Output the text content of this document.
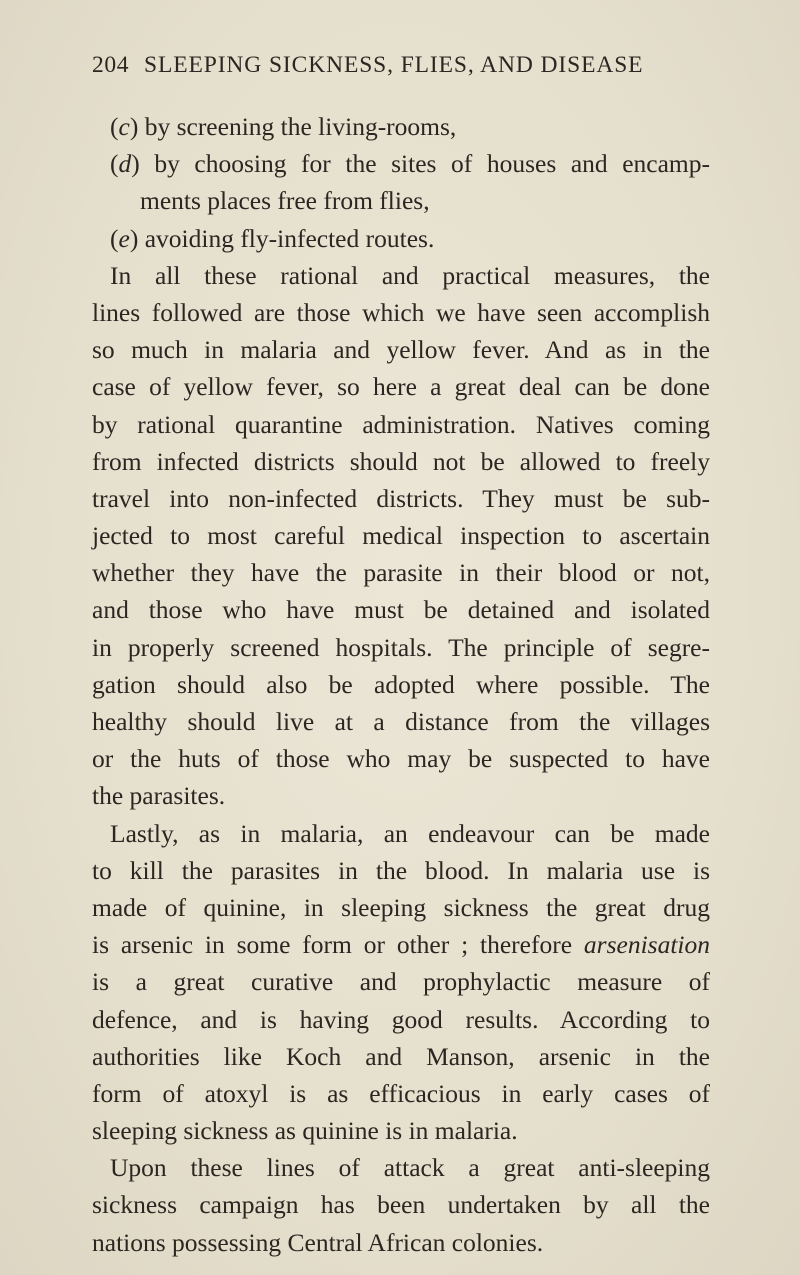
204 SLEEPING SICKNESS, FLIES, AND DISEASE
(c) by screening the living-rooms,
(d) by choosing for the sites of houses and encamp-
ments places free from flies,
(e) avoiding fly-infected routes.
In all these rational and practical measures, the
lines followed are those which we have seen accomplish
so much in malaria and yellow fever. And as in the
case of yellow fever, so here a great deal can be done
by rational quarantine administration. Natives coming
from infected districts should not be allowed to freely
travel into non-infected districts. They must be sub-
jected to most careful medical inspection to ascertain
whether they have the parasite in their blood or not,
and those who have must be detained and isolated
in properly screened hospitals. The principle of segre-
gation should also be adopted where possible. The
healthy should live at a distance from the villages
or the huts of those who may be suspected to have
the parasites.
Lastly, as in malaria, an endeavour can be made
to kill the parasites in the blood. In malaria use is
made of quinine, in sleeping sickness the great drug
is arsenic in some form or other ; therefore arsenisation
is a great curative and prophylactic measure of
defence, and is having good results. According to
authorities like Koch and Manson, arsenic in the
form of atoxyl is as efficacious in early cases of
sleeping sickness as quinine is in malaria.
Upon these lines of attack a great anti-sleeping
sickness campaign has been undertaken by all the
nations possessing Central African colonies.
